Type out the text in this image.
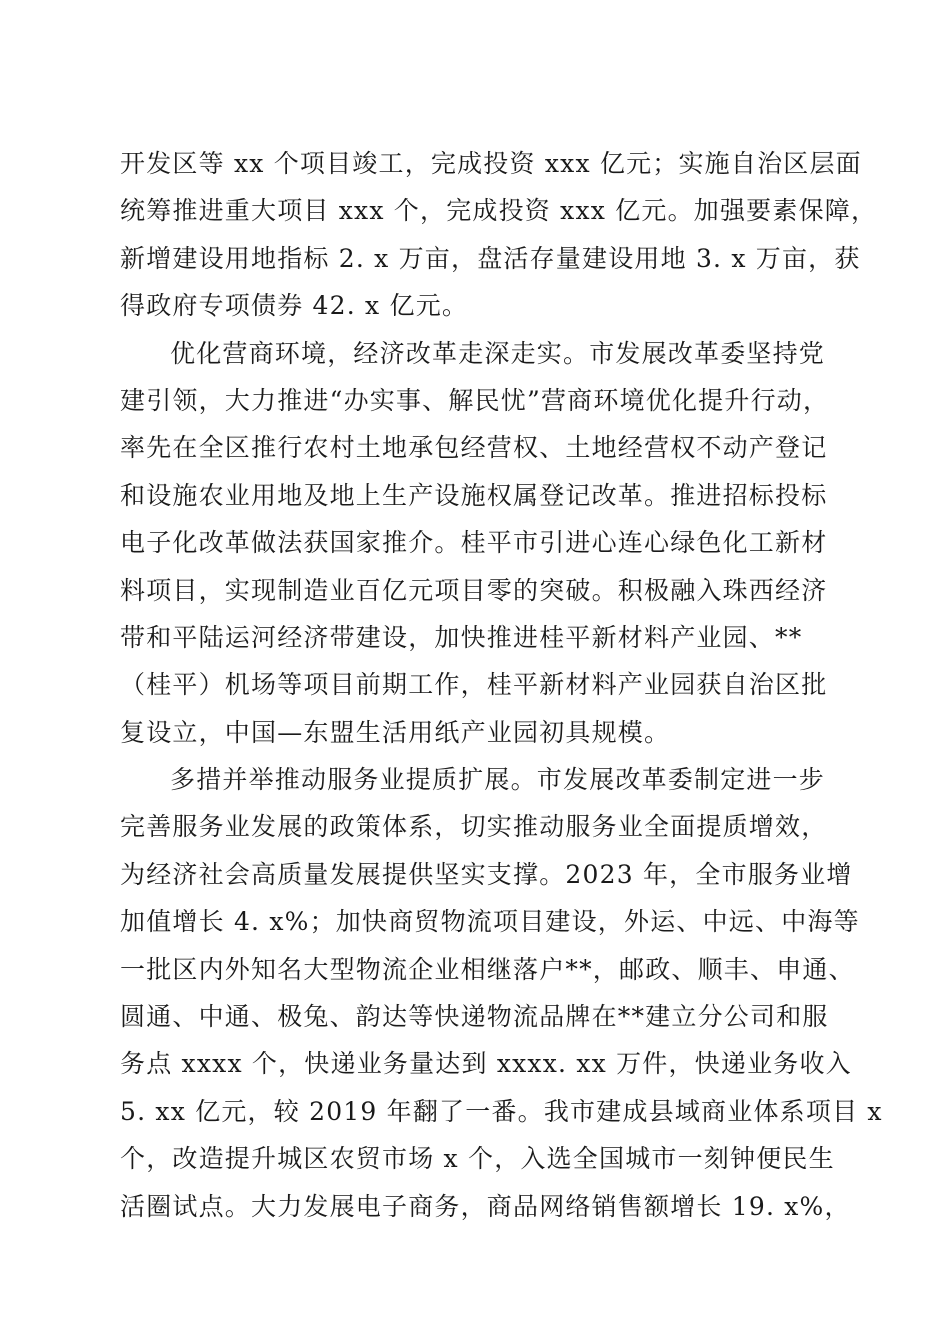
开发区等 xx 个项目竣工，完成投资 xxx 亿元；实施自治区层面
统筹推进重大项目 xxx 个，完成投资 xxx 亿元。加强要素保障，
新增建设用地指标 2. x 万亩，盘活存量建设用地 3. x 万亩，获
得政府专项债券 42. x 亿元。
优化营商环境，经济改革走深走实。市发展改革委坚持党
建引领，大力推进“办实事、解民忧”营商环境优化提升行动，
率先在全区推行农村土地承包经营权、土地经营权不动产登记
和设施农业用地及地上生产设施权属登记改革。推进招标投标
电子化改革做法获国家推介。桂平市引进心连心绿色化工新材
料项目，实现制造业百亿元项目零的突破。积极融入珠西经济
带和平陆运河经济带建设，加快推进桂平新材料产业园、**
（桂平）机场等项目前期工作，桂平新材料产业园获自治区批
复设立，中国—东盟生活用纸产业园初具规模。
多措并举推动服务业提质扩展。市发展改革委制定进一步
完善服务业发展的政策体系，切实推动服务业全面提质增效，
为经济社会高质量发展提供坚实支撑。2023 年，全市服务业增
加值增长 4. x%；加快商贸物流项目建设，外运、中远、中海等
一批区内外知名大型物流企业相继落户**，邮政、顺丰、申通、
圆通、中通、极兔、韵达等快递物流品牌在**建立分公司和服
务点 xxxx 个，快递业务量达到 xxxx. xx 万件，快递业务收入
5. xx 亿元，较 2019 年翻了一番。我市建成县域商业体系项目 x
个，改造提升城区农贸市场 x 个，入选全国城市一刻钟便民生
活圈试点。大力发展电子商务，商品网络销售额增长 19. x%，
